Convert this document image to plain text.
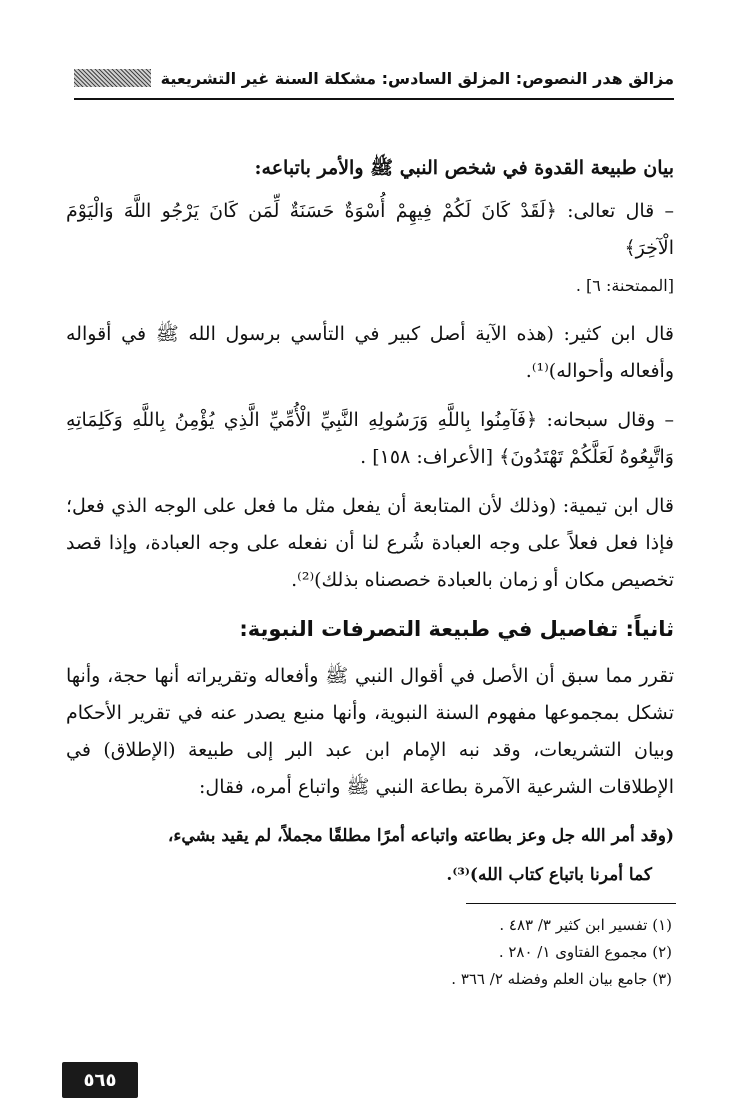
مزالق هدر النصوص: المزلق السادس: مشكلة السنة غير التشريعية

بيان طبيعة القدوة في شخص النبي ﷺ والأمر باتباعه:

– قال تعالى: ﴿لَقَدْ كَانَ لَكُمْ فِيهِمْ أُسْوَةٌ حَسَنَةٌ لِّمَن كَانَ يَرْجُو اللَّهَ وَالْيَوْمَ الْآخِرَ﴾

[الممتحنة: ٦] .

قال ابن كثير: (هذه الآية أصل كبير في التأسي برسول الله ﷺ في أقواله وأفعاله وأحواله)⁽¹⁾.

– وقال سبحانه: ﴿فَآمِنُوا بِاللَّهِ وَرَسُولِهِ النَّبِيِّ الْأُمِّيِّ الَّذِي يُؤْمِنُ بِاللَّهِ وَكَلِمَاتِهِ وَاتَّبِعُوهُ لَعَلَّكُمْ تَهْتَدُونَ﴾ [الأعراف: ١٥٨] .

قال ابن تيمية: (وذلك لأن المتابعة أن يفعل مثل ما فعل على الوجه الذي فعل؛ فإذا فعل فعلاً على وجه العبادة شُرع لنا أن نفعله على وجه العبادة، وإذا قصد تخصيص مكان أو زمان بالعبادة خصصناه بذلك)⁽²⁾.

ثانياً: تفاصيل في طبيعة التصرفات النبوية:

تقرر مما سبق أن الأصل في أقوال النبي ﷺ وأفعاله وتقريراته أنها حجة، وأنها تشكل بمجموعها مفهوم السنة النبوية، وأنها منبع يصدر عنه في تقرير الأحكام وبيان التشريعات، وقد نبه الإمام ابن عبد البر إلى طبيعة (الإطلاق) في الإطلاقات الشرعية الآمرة بطاعة النبي ﷺ واتباع أمره، فقال:

(وقد أمر الله جل وعز بطاعته واتباعه أمرًا مطلقًا مجملاً، لم يقيد بشيء،

كما أمرنا باتباع كتاب الله)⁽³⁾.

(١) تفسير ابن كثير ٣/ ٤٨٣ .
(٢) مجموع الفتاوى ١/ ٢٨٠ .
(٣) جامع بيان العلم وفضله ٢/ ٣٦٦ .
٥٦٥
